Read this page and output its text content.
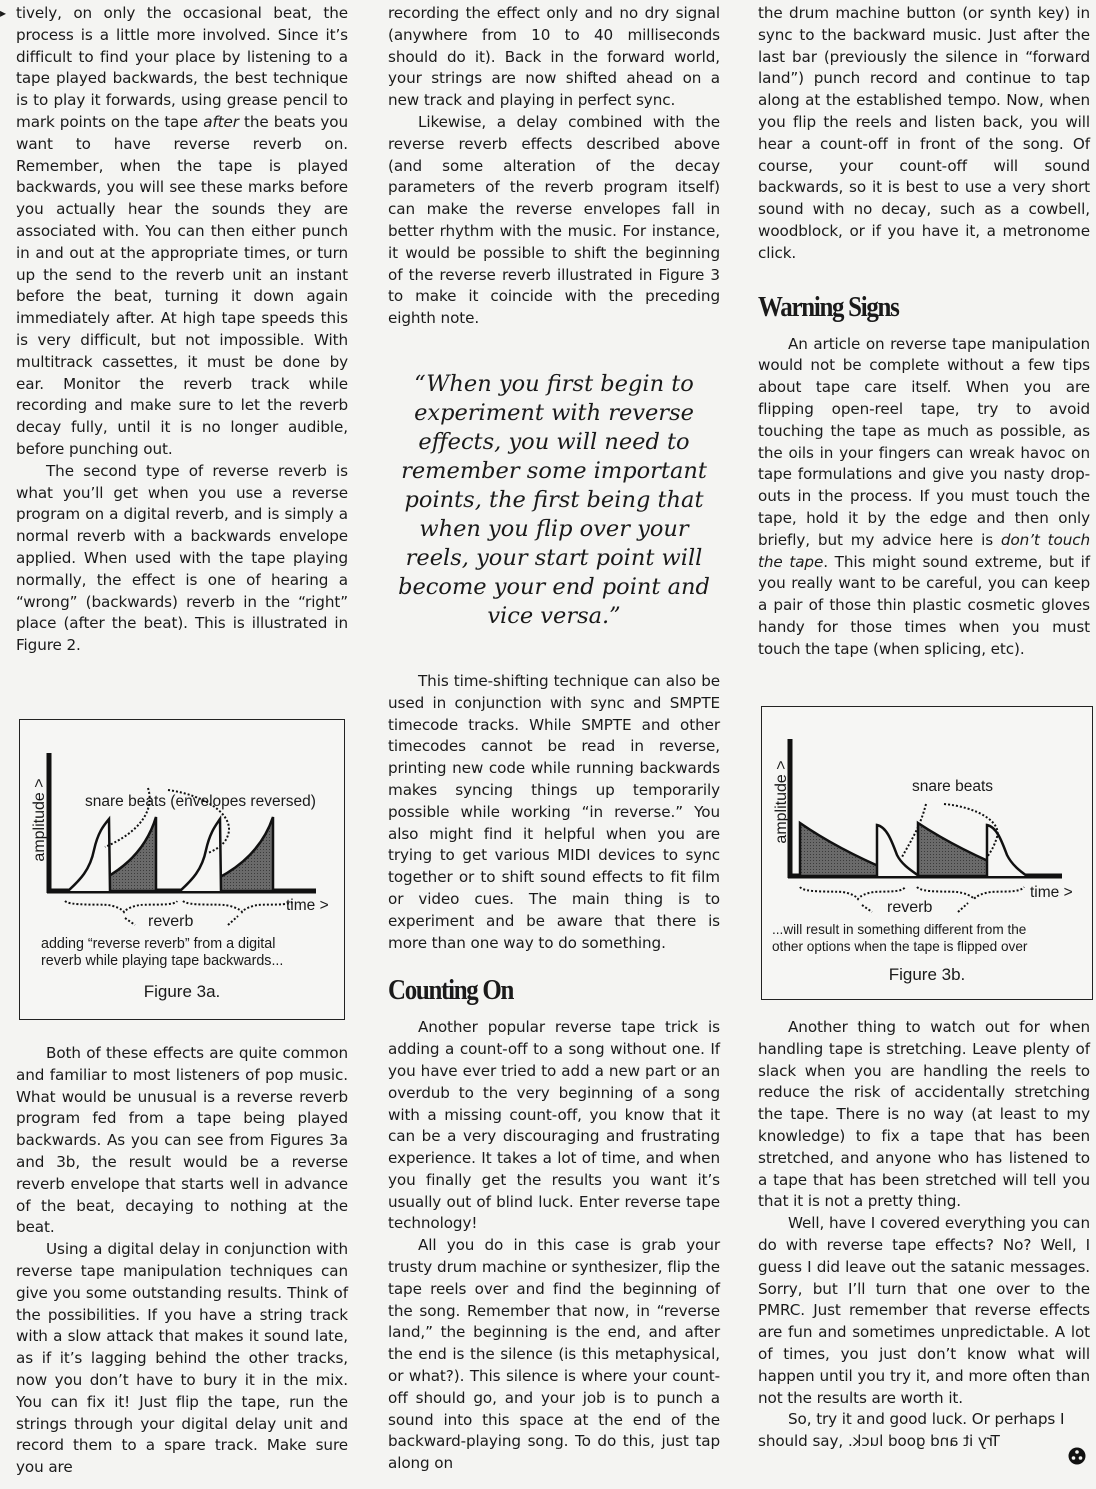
▸ tively, on only the occasional beat, the process is a little more involved. Since it’s difficult to find your place by listening to a tape played backwards, the best technique is to play it forwards, using grease pencil to mark points on the tape after the beats you want to have reverse reverb on. Remember, when the tape is played backwards, you will see these marks before you actually hear the sounds they are associated with. You can then either punch in and out at the appropriate times, or turn up the send to the reverb unit an instant before the beat, turning it down again immediately after. At high tape speeds this is very difficult, but not impossible. With multitrack cassettes, it must be done by ear. Monitor the reverb track while recording and make sure to let the reverb decay fully, until it is no longer audible, before punching out.

The second type of reverse reverb is what you’ll get when you use a reverse program on a digital reverb, and is simply a normal reverb with a backwards envelope applied. When used with the tape playing normally, the effect is one of hearing a “wrong” (backwards) reverb in the “right” place (after the beat). This is illustrated in Figure 2.

amplitude > snare beats (envelopes reversed)
time >
reverb

adding “reverse reverb” from a digital
reverb while playing tape backwards...

Figure 3a.

Both of these effects are quite common and familiar to most listeners of pop music. What would be unusual is a reverse reverb program fed from a tape being played backwards. As you can see from Figures 3a and 3b, the result would be a reverse reverb envelope that starts well in advance of the beat, decaying to nothing at the beat.

Using a digital delay in conjunction with reverse tape manipulation techniques can give you some outstanding results. Think of the possibilities. If you have a string track with a slow attack that makes it sound late, as if it’s lagging behind the other tracks, now you don’t have to bury it in the mix. You can fix it! Just flip the tape, run the strings through your digital delay unit and record them to a spare track. Make sure you are

recording the effect only and no dry signal (anywhere from 10 to 40 milliseconds should do it). Back in the forward world, your strings are now shifted ahead on a new track and playing in perfect sync.

Likewise, a delay combined with the reverse reverb effects described above (and some alteration of the decay parameters of the reverb program itself) can make the reverse envelopes fall in better rhythm with the music. For instance, it would be possible to shift the beginning of the reverse reverb illustrated in Figure 3 to make it coincide with the preceding eighth note.

“When you first begin to experiment with reverse effects, you will need to remember some important points, the first being that when you flip over your reels, your start point will become your end point and vice versa.”

This time-shifting technique can also be used in conjunction with sync and SMPTE timecode tracks. While SMPTE and other timecodes cannot be read in reverse, printing new code while running backwards makes syncing things up temporarily possible while working “in reverse.” You also might find it helpful when you are trying to get various MIDI devices to sync together or to shift sound effects to fit film or video cues. The main thing is to experiment and be aware that there is more than one way to do something.

Counting On

Another popular reverse tape trick is adding a count-off to a song without one. If you have ever tried to add a new part or an overdub to the very beginning of a song with a missing count-off, you know that it can be a very discouraging and frustrating experience. It takes a lot of time, and when you finally get the results you want it’s usually out of blind luck. Enter reverse tape technology!

All you do in this case is grab your trusty drum machine or synthesizer, flip the tape reels over and find the beginning of the song. Remember that now, in “reverse land,” the beginning is the end, and after the end is the silence (is this metaphysical, or what?). This silence is where your count-off should go, and your job is to punch a sound into this space at the end of the backward-playing song. To do this, just tap along on

the drum machine button (or synth key) in sync to the backward music. Just after the last bar (previously the silence in “forward land”) punch record and continue to tap along at the established tempo. Now, when you flip the reels and listen back, you will hear a count-off in front of the song. Of course, your count-off will sound backwards, so it is best to use a very short sound with no decay, such as a cowbell, woodblock, or if you have it, a metronome click.

Warning Signs

An article on reverse tape manipulation would not be complete without a few tips about tape care itself. When you are flipping open-reel tape, try to avoid touching the tape as much as possible, as the oils in your fingers can wreak havoc on tape formulations and give you nasty drop-outs in the process. If you must touch the tape, hold it by the edge and then only briefly, but my advice here is don’t touch the tape. This might sound extreme, but if you really want to be careful, you can keep a pair of those thin plastic cosmetic gloves handy for those times when you must touch the tape (when splicing, etc).

amplitude >	snare beats
time >
reverb

...will result in something different from the
other options when the tape is flipped over

Figure 3b.

Another thing to watch out for when handling tape is stretching. Leave plenty of slack when you are handling the reels to reduce the risk of accidentally stretching the tape. There is no way (at least to my knowledge) to fix a tape that has been stretched, and anyone who has listened to a tape that has been stretched will tell you that it is not a pretty thing.

Well, have I covered everything you can do with reverse tape effects? No? Well, I guess I did leave out the satanic messages. Sorry, but I’ll turn that one over to the PMRC. Just remember that reverse effects are fun and sometimes unpredictable. A lot of times, you just don’t know what will happen until you try it, and more often than not the results are worth it.

So, try it and good luck. Or perhaps I should say, Try it and good luck.
